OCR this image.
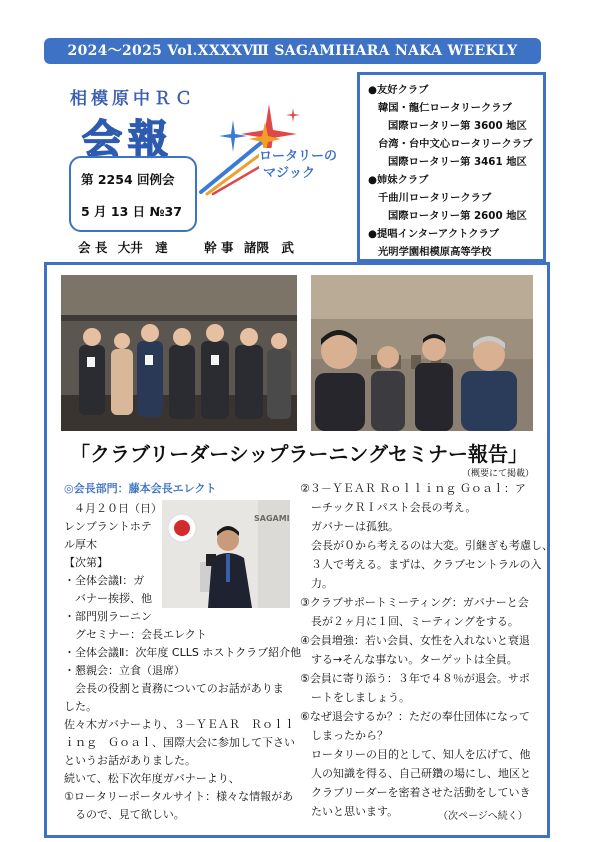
2024～2025 Vol.ⅩⅩⅩⅩⅧ SAGAMIHARA NAKA WEEKLY
相模原中ＲＣ
会報
第 2254 回例会
5 月 13 日 №37
ロータリーの
マジック
会 長 大井　達	幹 事 諸隈　武
●友好クラブ
韓国・龍仁ロータリークラブ
国際ロータリー第 3600 地区
台湾・台中文心ロータリークラブ
国際ロータリー第 3461 地区
●姉妹クラブ
千曲川ロータリークラブ
国際ロータリー第 2600 地区
●提唱インターアクトクラブ
光明学園相模原高等学校
「クラブリーダーシップラーニングセミナー報告」
（概要にて掲載）
◎会長部門：藤本会長エレクト
４月２０日（日）
レンブラントホテ
ル厚木
【次第】
・全体会議Ⅰ：ガ
　バナー挨拶、他
・部門別ラーニン
　グセミナー：会長エレクト
・全体会議Ⅱ：次年度 CLLS ホストクラブ紹介他
・懇親会：立食（退席）
　会長の役割と責務についてのお話がありま
した。
佐々木ガバナーより、３－ＹＥＡＲ　Ｒｏｌｌ
ｉｎｇ　Ｇｏａｌ、国際大会に参加して下さい
というお話がありました。
続いて、松下次年度ガバナーより、
①ロータリーポータルサイト：様々な情報があ
　るので、見て欲しい。
SAGAMI
②３－ＹＥＡＲ Ｒｏｌｌｉｎｇ Ｇｏａｌ：ア
　ーチックＲＩパスト会長の考え。
　ガバナーは孤独。
　会長が０から考えるのは大変。引継ぎも考慮し、
　３人で考える。まずは、クラブセントラルの入
　力。
③クラブサポートミーティング：ガバナーと会
　長が２ヶ月に１回、ミーティングをする。
④会員増強：若い会員、女性を入れないと衰退
　する→そんな事ない。ターゲットは全員。
⑤会員に寄り添う：３年で４８％が退会。サポ
　ートをしましょう。
⑥なぜ退会するか？：ただの奉仕団体になって
　しまったから？
　ロータリーの目的として、知人を広げて、他
　人の知識を得る、自己研鑽の場にし、地区と
　クラブリーダーを密着させた活動をしていき
　たいと思います。	（次ページへ続く）
